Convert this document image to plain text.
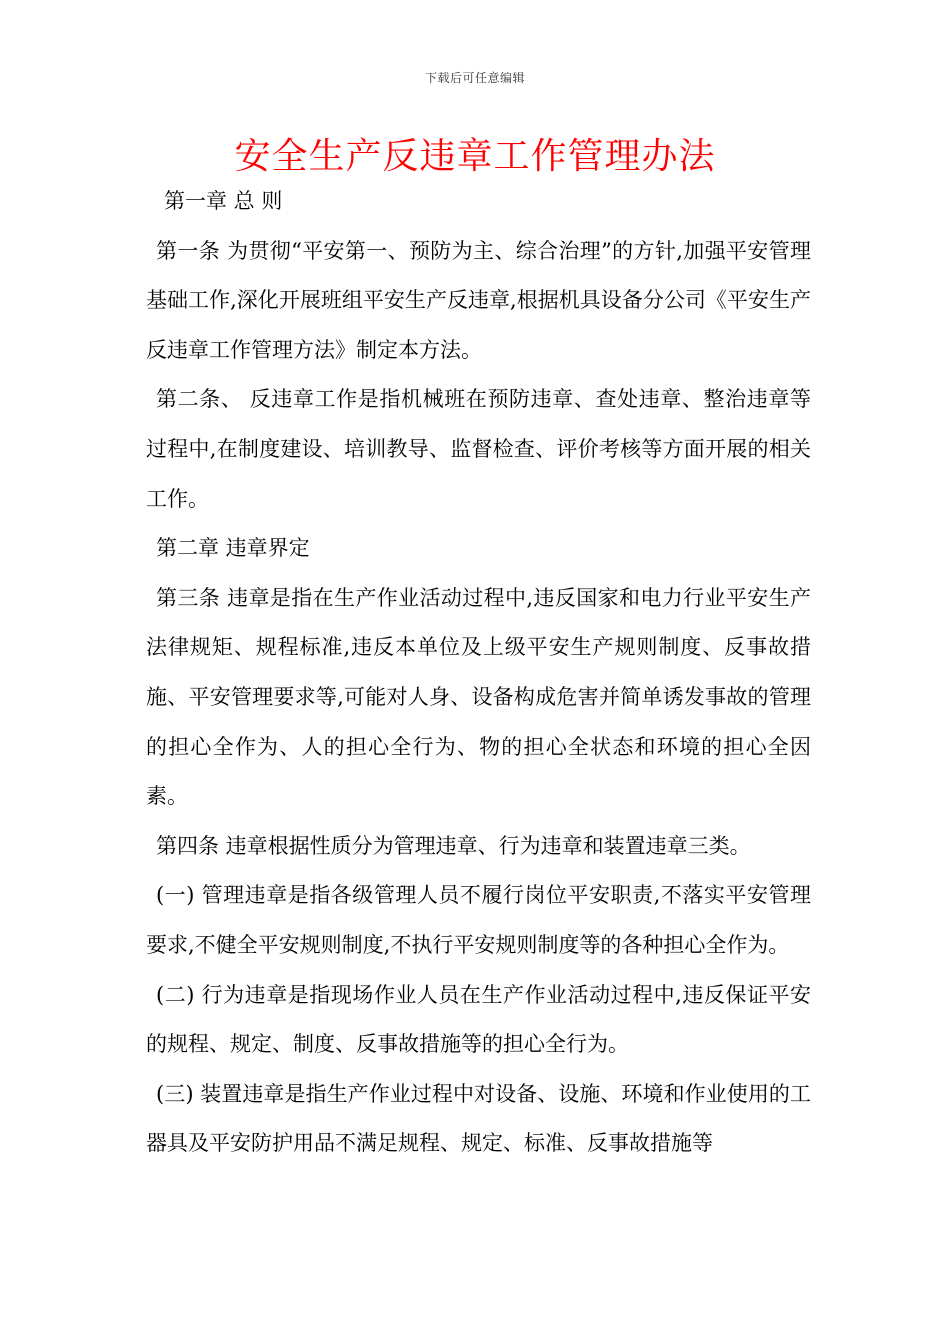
下载后可任意编辑
安全生产反违章工作管理办法

第一章 总 则

第一条 为贯彻“平安第一、预防为主、综合治理”的方针,加强平安管理基础工作,深化开展班组平安生产反违章,根据机具设备分公司《平安生产反违章工作管理方法》制定本方法。

第二条、 反违章工作是指机械班在预防违章、查处违章、整治违章等过程中,在制度建设、培训教导、监督检查、评价考核等方面开展的相关工作。

第二章 违章界定

第三条 违章是指在生产作业活动过程中,违反国家和电力行业平安生产法律规矩、规程标准,违反本单位及上级平安生产规则制度、反事故措施、平安管理要求等,可能对人身、设备构成危害并简单诱发事故的管理的担心全作为、人的担心全行为、物的担心全状态和环境的担心全因素。

第四条 违章根据性质分为管理违章、行为违章和装置违章三类。

(一) 管理违章是指各级管理人员不履行岗位平安职责,不落实平安管理要求,不健全平安规则制度,不执行平安规则制度等的各种担心全作为。

(二) 行为违章是指现场作业人员在生产作业活动过程中,违反保证平安的规程、规定、制度、反事故措施等的担心全行为。

(三) 装置违章是指生产作业过程中对设备、设施、环境和作业使用的工器具及平安防护用品不满足规程、规定、标准、反事故措施等
